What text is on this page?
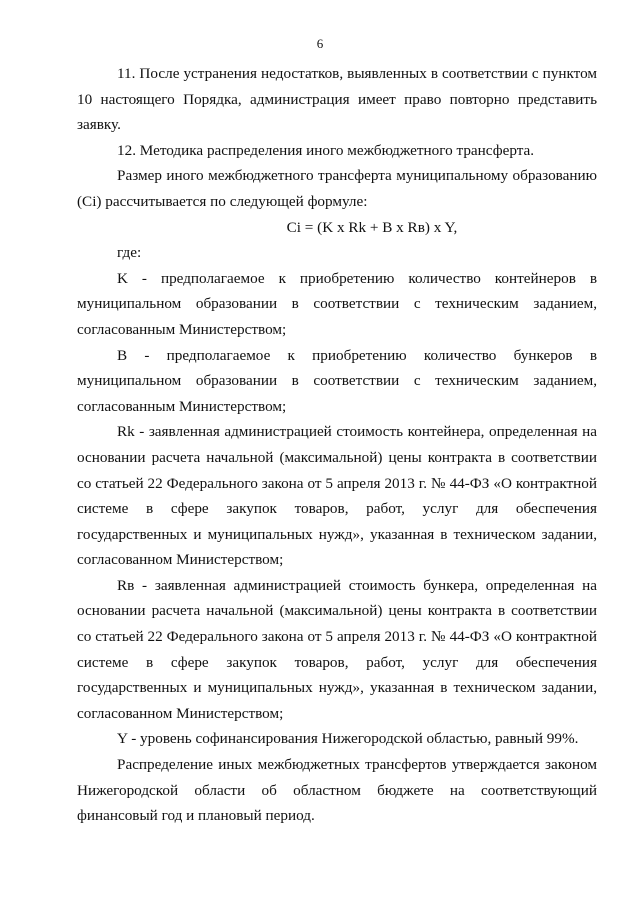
6

11. После устранения недостатков, выявленных в соответствии с пунктом 10 настоящего Порядка, администрация имеет право повторно представить заявку.

12. Методика распределения иного межбюджетного трансферта.

Размер иного межбюджетного трансферта муниципальному образованию (Ci) рассчитывается по следующей формуле:

Ci = (K x Rk + B x Rв) x Y,

где:

K - предполагаемое к приобретению количество контейнеров в муниципальном образовании в соответствии с техническим заданием, согласованным Министерством;

B - предполагаемое к приобретению количество бункеров в муниципальном образовании в соответствии с техническим заданием, согласованным Министерством;

Rk - заявленная администрацией стоимость контейнера, определенная на основании расчета начальной (максимальной) цены контракта в соответствии со статьей 22 Федерального закона от 5 апреля 2013 г. № 44-ФЗ «О контрактной системе в сфере закупок товаров, работ, услуг для обеспечения государственных и муниципальных нужд», указанная в техническом задании, согласованном Министерством;

Rв - заявленная администрацией стоимость бункера, определенная на основании расчета начальной (максимальной) цены контракта в соответствии со статьей 22 Федерального закона от 5 апреля 2013 г. № 44-ФЗ «О контрактной системе в сфере закупок товаров, работ, услуг для обеспечения государственных и муниципальных нужд», указанная в техническом задании, согласованном Министерством;

Y - уровень софинансирования Нижегородской областью, равный 99%.

Распределение иных межбюджетных трансфертов утверждается законом Нижегородской области об областном бюджете на соответствующий финансовый год и плановый период.
